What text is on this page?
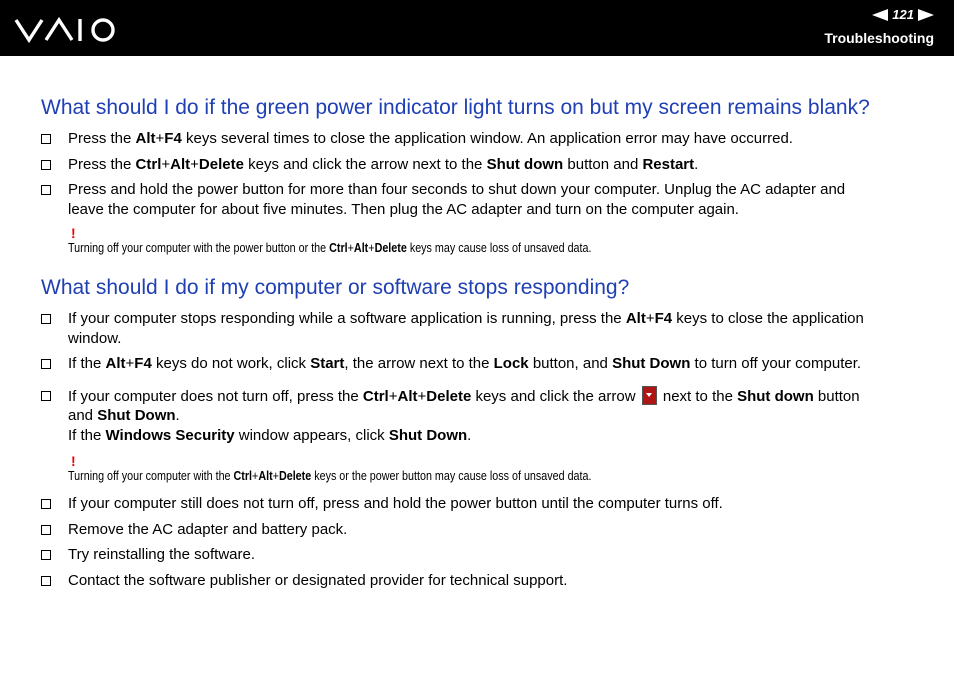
121
Troubleshooting
What should I do if the green power indicator light turns on but my screen remains blank?
Press the Alt+F4 keys several times to close the application window. An application error may have occurred.
Press the Ctrl+Alt+Delete keys and click the arrow next to the Shut down button and Restart.
Press and hold the power button for more than four seconds to shut down your computer. Unplug the AC adapter and
leave the computer for about five minutes. Then plug the AC adapter and turn on the computer again.
!
Turning off your computer with the power button or the Ctrl+Alt+Delete keys may cause loss of unsaved data.
What should I do if my computer or software stops responding?
If your computer stops responding while a software application is running, press the Alt+F4 keys to close the application
window.
If the Alt+F4 keys do not work, click Start, the arrow next to the Lock button, and Shut Down to turn off your computer.
If your computer does not turn off, press the Ctrl+Alt+Delete keys and click the arrow  next to the Shut down button
and Shut Down.
If the Windows Security window appears, click Shut Down.
!
Turning off your computer with the Ctrl+Alt+Delete keys or the power button may cause loss of unsaved data.
If your computer still does not turn off, press and hold the power button until the computer turns off.
Remove the AC adapter and battery pack.
Try reinstalling the software.
Contact the software publisher or designated provider for technical support.
